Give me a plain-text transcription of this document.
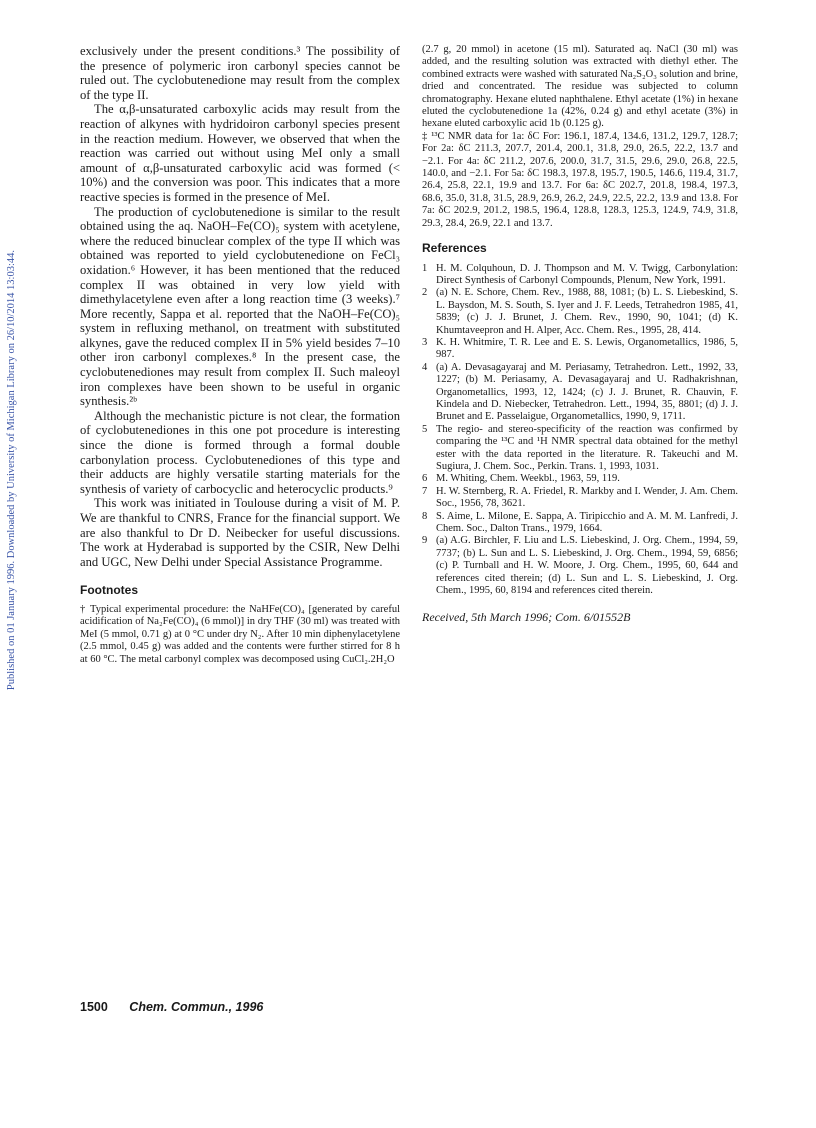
Published on 01 January 1996. Downloaded by University of Michigan Library on 26/10/2014 13:03:44.

exclusively under the present conditions.³ The possibility of the presence of polymeric iron carbonyl species cannot be ruled out. The cyclobutenedione may result from the complex of the type II.

The α,β-unsaturated carboxylic acids may result from the reaction of alkynes with hydridoiron carbonyl species present in the reaction medium. However, we observed that when the reaction was carried out without using MeI only a small amount of α,β-unsaturated carboxylic acid was formed (< 10%) and the conversion was poor. This indicates that a more reactive species is formed in the presence of MeI.

The production of cyclobutenedione is similar to the result obtained using the aq. NaOH–Fe(CO)₅ system with acetylene, where the reduced binuclear complex of the type II which was obtained was reported to yield cyclobutenedione on FeCl₃ oxidation.⁶ However, it has been mentioned that the reduced complex II was obtained in very low yield with dimethylacetylene even after a long reaction time (3 weeks).⁷ More recently, Sappa et al. reported that the NaOH–Fe(CO)₅ system in refluxing methanol, on treatment with substituted alkynes, gave the reduced complex II in 5% yield besides 7–10 other iron carbonyl complexes.⁸ In the present case, the cyclobutenediones may result from complex II. Such maleoyl iron complexes have been shown to be useful in organic synthesis.²ᵇ

Although the mechanistic picture is not clear, the formation of cyclobutenediones in this one pot procedure is interesting since the dione is formed through a formal double carbonylation process. Cyclobutenediones of this type and their adducts are highly versatile starting materials for the synthesis of variety of carbocyclic and heterocyclic products.⁹

This work was initiated in Toulouse during a visit of M. P. We are thankful to CNRS, France for the financial support. We are also thankful to Dr D. Neibecker for useful discussions. The work at Hyderabad is supported by the CSIR, New Delhi and UGC, New Delhi under Special Assistance Programme.

Footnotes
† Typical experimental procedure: the NaHFe(CO)₄ [generated by careful acidification of Na₂Fe(CO)₄ (6 mmol)] in dry THF (30 ml) was treated with MeI (5 mmol, 0.71 g) at 0 °C under dry N₂. After 10 min diphenylacetylene (2.5 mmol, 0.45 g) was added and the contents were further stirred for 8 h at 60 °C. The metal carbonyl complex was decomposed using CuCl₂.2H₂O

(2.7 g, 20 mmol) in acetone (15 ml). Saturated aq. NaCl (30 ml) was added, and the resulting solution was extracted with diethyl ether. The combined extracts were washed with saturated Na₂S₂O₃ solution and brine, dried and concentrated. The residue was subjected to column chromatography. Hexane eluted naphthalene. Ethyl acetate (1%) in hexane eluted the cyclobutenedione 1a (42%, 0.24 g) and ethyl acetate (3%) in hexane eluted carboxylic acid 1b (0.125 g).

‡ ¹³C NMR data for 1a: δC For: 196.1, 187.4, 134.6, 131.2, 129.7, 128.7; For 2a: δC 211.3, 207.7, 201.4, 200.1, 31.8, 29.0, 26.5, 22.2, 13.7 and −2.1. For 4a: δC 211.2, 207.6, 200.0, 31.7, 31.5, 29.6, 29.0, 26.8, 22.5, 140.0, and −2.1. For 5a: δC 198.3, 197.8, 195.7, 190.5, 146.6, 119.4, 31.7, 26.4, 25.8, 22.1, 19.9 and 13.7. For 6a: δC 202.7, 201.8, 198.4, 197.3, 68.6, 35.0, 31.8, 31.5, 28.9, 26.9, 26.2, 24.9, 22.5, 22.2, 13.9 and 13.8. For 7a: δC 202.9, 201.2, 198.5, 196.4, 128.8, 128.3, 125.3, 124.9, 74.9, 31.8, 29.3, 28.4, 26.9, 22.1 and 13.7.

References
1 H. M. Colquhoun, D. J. Thompson and M. V. Twigg, Carbonylation: Direct Synthesis of Carbonyl Compounds, Plenum, New York, 1991.
2 (a) N. E. Schore, Chem. Rev., 1988, 88, 1081; (b) L. S. Liebeskind, S. L. Baysdon, M. S. South, S. Iyer and J. F. Leeds, Tetrahedron 1985, 41, 5839; (c) J. J. Brunet, J. Chem. Rev., 1990, 90, 1041; (d) K. Khumtaveepron and H. Alper, Acc. Chem. Res., 1995, 28, 414.
3 K. H. Whitmire, T. R. Lee and E. S. Lewis, Organometallics, 1986, 5, 987.
4 (a) A. Devasagayaraj and M. Periasamy, Tetrahedron. Lett., 1992, 33, 1227; (b) M. Periasamy, A. Devasagayaraj and U. Radhakrishnan, Organometallics, 1993, 12, 1424; (c) J. J. Brunet, R. Chauvin, F. Kindela and D. Niebecker, Tetrahedron. Lett., 1994, 35, 8801; (d) J. J. Brunet and E. Passelaigue, Organometallics, 1990, 9, 1711.
5 The regio- and stereo-specificity of the reaction was confirmed by comparing the ¹³C and ¹H NMR spectral data obtained for the methyl ester with the data reported in the literature. R. Takeuchi and M. Sugiura, J. Chem. Soc., Perkin. Trans. 1, 1993, 1031.
6 M. Whiting, Chem. Weekbl., 1963, 59, 119.
7 H. W. Sternberg, R. A. Friedel, R. Markby and I. Wender, J. Am. Chem. Soc., 1956, 78, 3621.
8 S. Aime, L. Milone, E. Sappa, A. Tiripicchio and A. M. M. Lanfredi, J. Chem. Soc., Dalton Trans., 1979, 1664.
9 (a) A.G. Birchler, F. Liu and L.S. Liebeskind, J. Org. Chem., 1994, 59, 7737; (b) L. Sun and L. S. Liebeskind, J. Org. Chem., 1994, 59, 6856; (c) P. Turnball and H. W. Moore, J. Org. Chem., 1995, 60, 644 and references cited therein; (d) L. Sun and L. S. Liebeskind, J. Org. Chem., 1995, 60, 8194 and references cited therein.
Received, 5th March 1996; Com. 6/01552B
1500 Chem. Commun., 1996
